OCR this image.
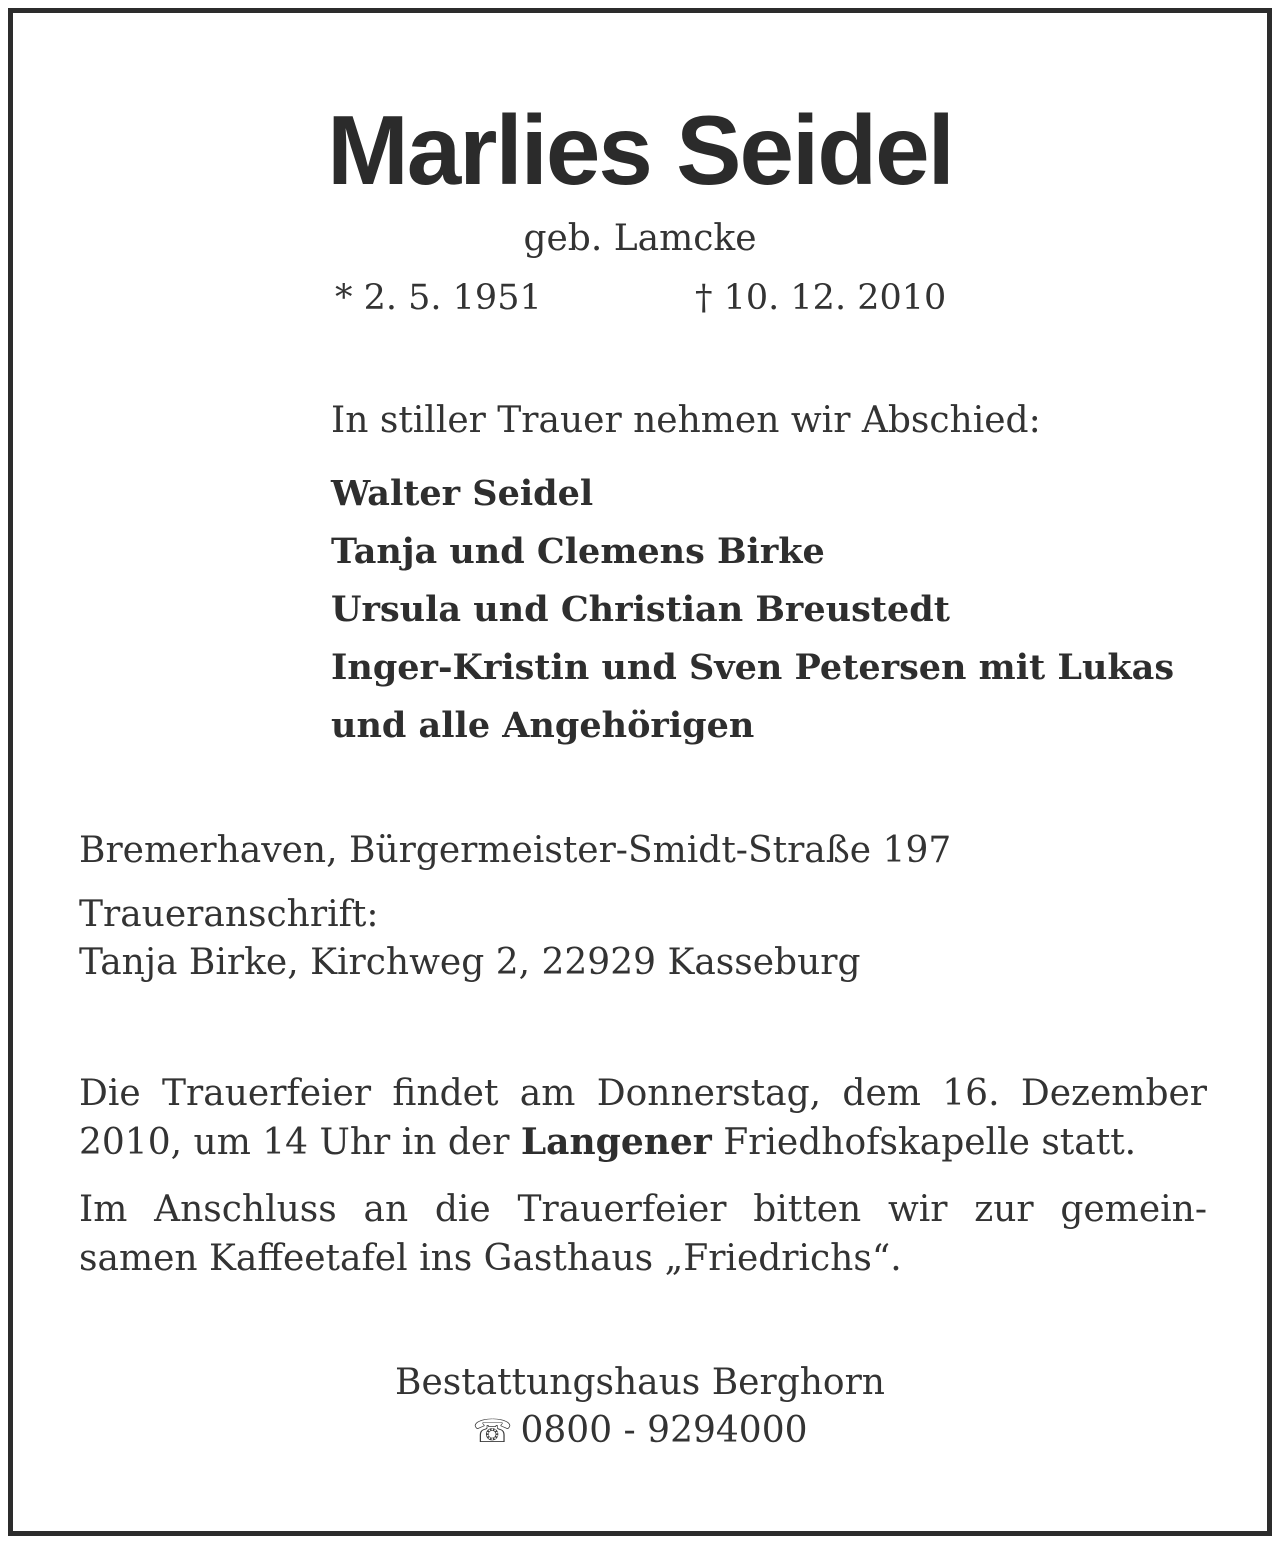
Marlies Seidel
geb. Lamcke
* 2. 5. 1951	† 10. 12. 2010
In stiller Trauer nehmen wir Abschied:
Walter Seidel
Tanja und Clemens Birke
Ursula und Christian Breustedt
Inger-Kristin und Sven Petersen mit Lukas
und alle Angehörigen
Bremerhaven, Bürgermeister-Smidt-Straße 197
Traueranschrift:
Tanja Birke, Kirchweg 2, 22929 Kasseburg

Die Trauerfeier findet am Donnerstag, dem 16. Dezember
2010, um 14 Uhr in der Langener Friedhofskapelle statt.

Im Anschluss an die Trauerfeier bitten wir zur gemein-
samen Kaffeetafel ins Gasthaus „Friedrichs“.

Bestattungshaus Berghorn
☏ 0800 - 9294000
